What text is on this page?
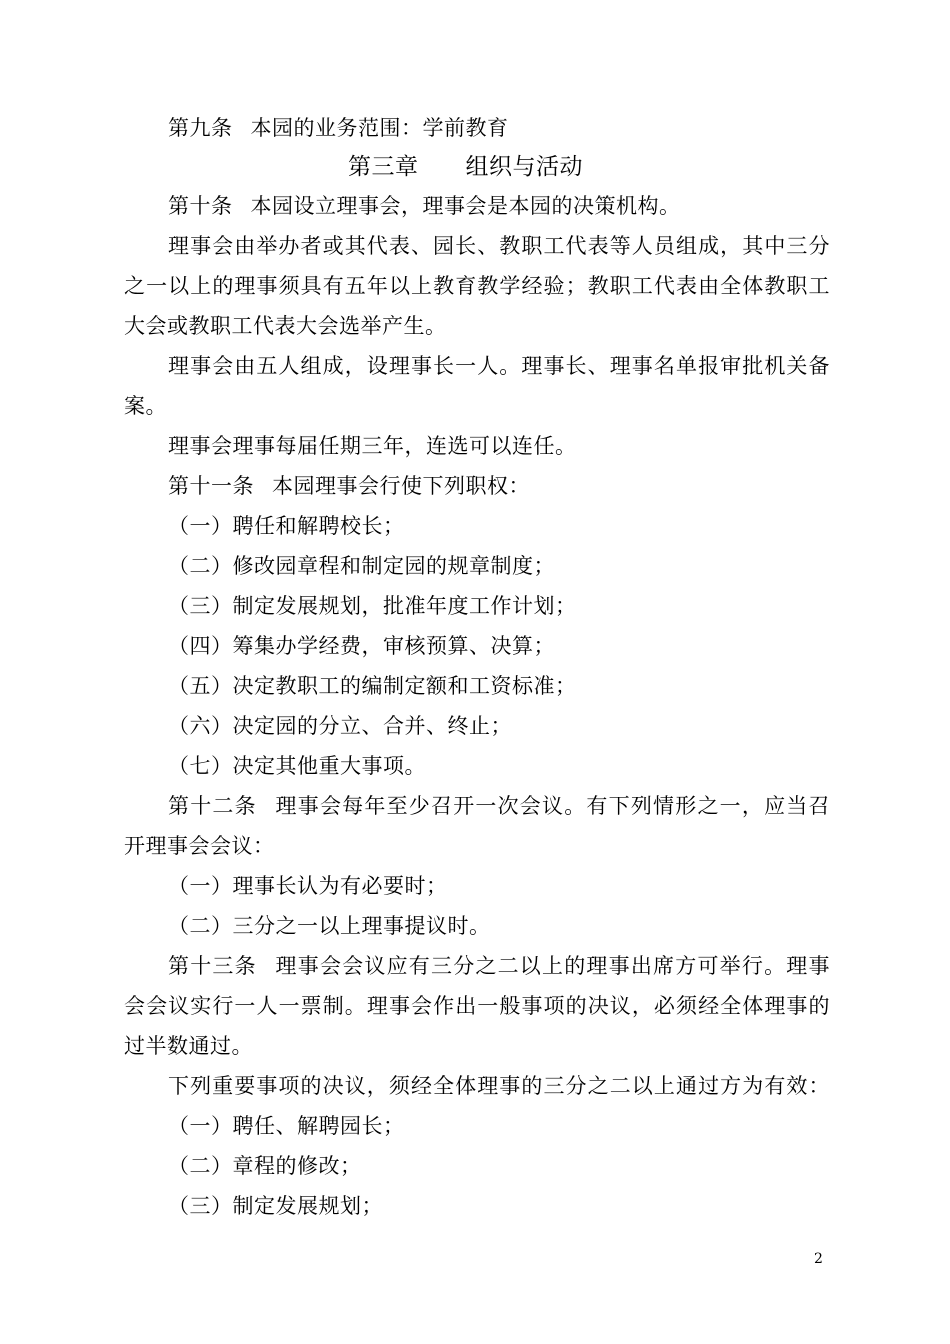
第九条 本园的业务范围：学前教育
第三章　　组织与活动
第十条 本园设立理事会，理事会是本园的决策机构。
理事会由举办者或其代表、园长、教职工代表等人员组成，其中三分
之一以上的理事须具有五年以上教育教学经验；教职工代表由全体教职工
大会或教职工代表大会选举产生。
理事会由五人组成，设理事长一人。理事长、理事名单报审批机关备
案。
理事会理事每届任期三年，连选可以连任。
第十一条 本园理事会行使下列职权：
（一）聘任和解聘校长；
（二）修改园章程和制定园的规章制度；
（三）制定发展规划，批准年度工作计划；
（四）筹集办学经费，审核预算、决算；
（五）决定教职工的编制定额和工资标准；
（六）决定园的分立、合并、终止；
（七）决定其他重大事项。
第十二条 理事会每年至少召开一次会议。有下列情形之一，应当召
开理事会会议：
（一）理事长认为有必要时；
（二）三分之一以上理事提议时。
第十三条 理事会会议应有三分之二以上的理事出席方可举行。理事
会会议实行一人一票制。理事会作出一般事项的决议，必须经全体理事的
过半数通过。
下列重要事项的决议，须经全体理事的三分之二以上通过方为有效：
（一）聘任、解聘园长；
（二）章程的修改；
（三）制定发展规划；
2
